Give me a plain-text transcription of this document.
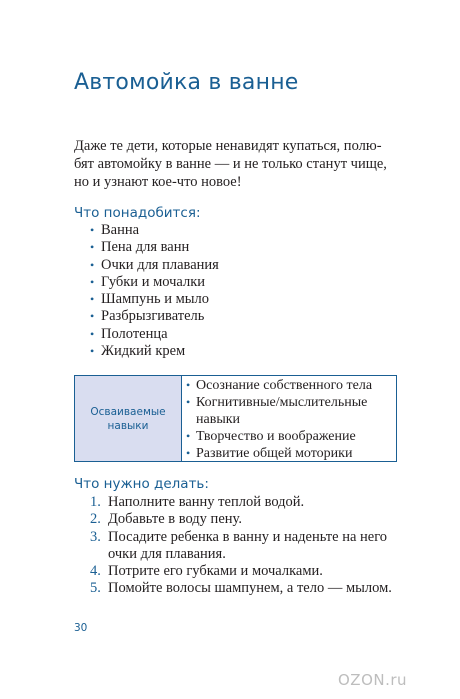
Автомойка в ванне

Даже те дети, которые ненавидят купаться, полю-
бят автомойку в ванне — и не только станут чище,
но и узнают кое-что новое!

Что понадобится:
• Ванна
• Пена для ванн
• Очки для плавания
• Губки и мочалки
• Шампунь и мыло
• Разбрызгиватель
• Полотенца
• Жидкий крем
Осваиваемые навыки
• Осознание собственного тела
• Когнитивные/мыслительные навыки
• Творчество и воображение
• Развитие общей моторики
Что нужно делать:
1. Наполните ванну теплой водой.
2. Добавьте в воду пену.
3. Посадите ребенка в ванну и наденьте на него очки для плавания.
4. Потрите его губками и мочалками.
5. Помойте волосы шампунем, а тело — мылом.
30
OZON.ru
